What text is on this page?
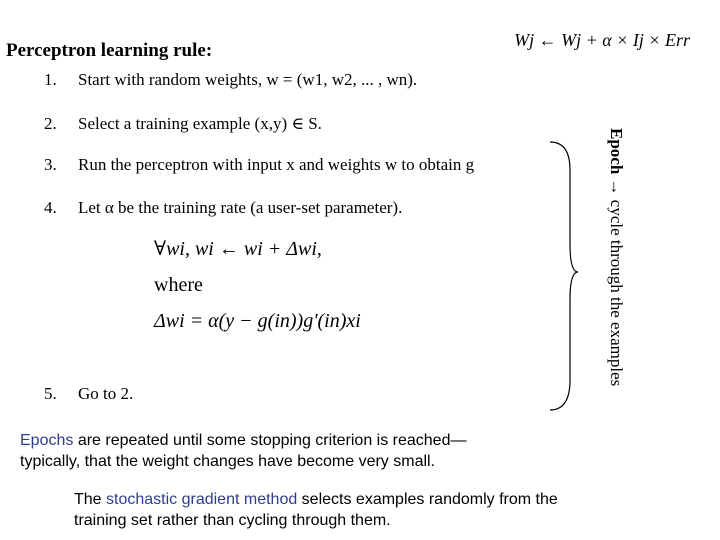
Wj ← Wj + α × Ij × Err
Perceptron learning rule:
1. Start with random weights, w = (w1, w2, ... , wn).
2. Select a training example (x,y) ∈ S.
3. Run the perceptron with input x and weights w to obtain g
4. Let α be the training rate (a user-set parameter).
∀wi, wi ← wi + Δwi,
where
Δwi = α(y − g(in))g'(in)xi
5. Go to 2.
Epoch → cycle through the examples
Epochs are repeated until some stopping criterion is reached—typically, that the weight changes have become very small.
The stochastic gradient method selects examples randomly from the training set rather than cycling through them.
